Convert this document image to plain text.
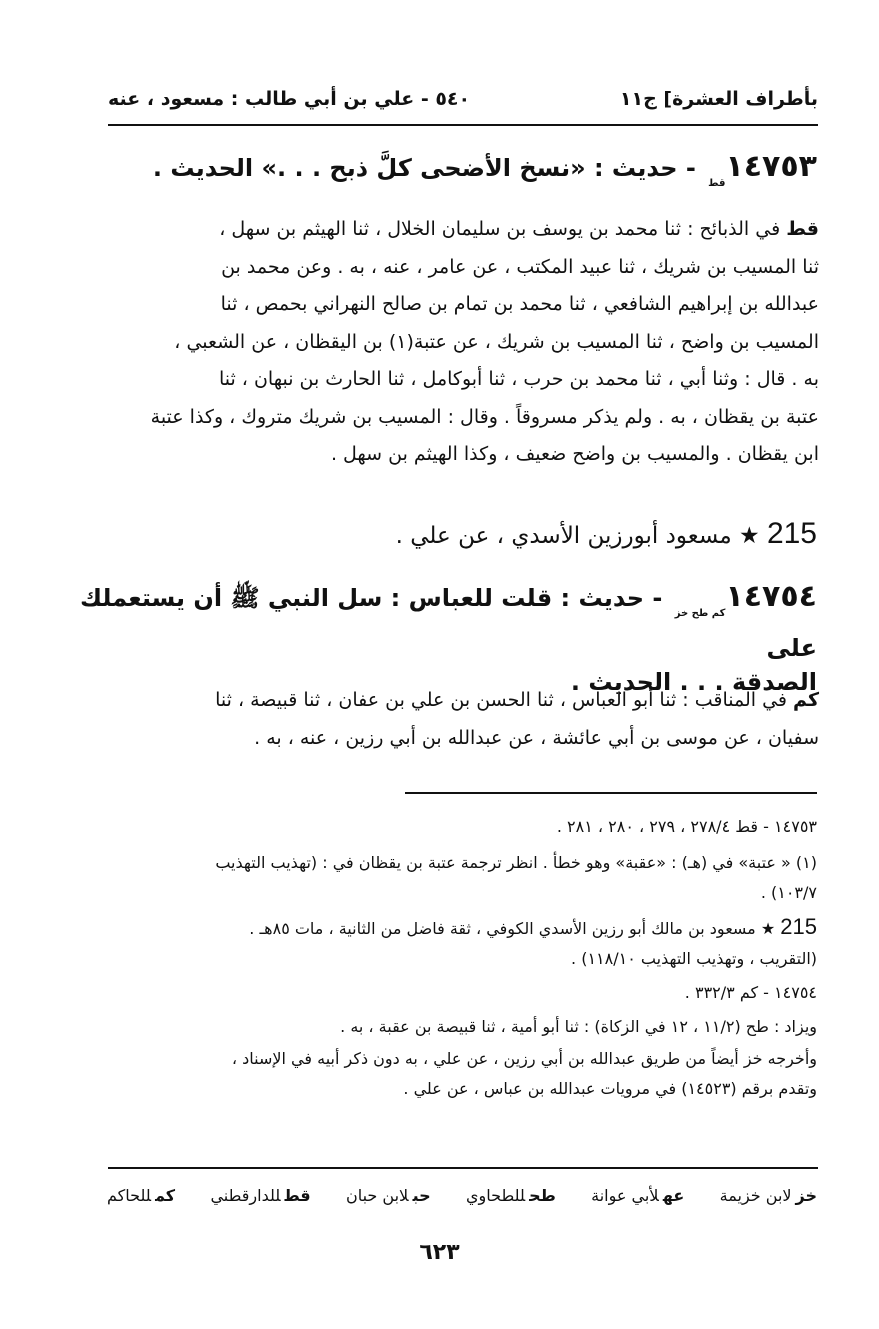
بأطراف العشرة] ج١١
٥٤٠ - علي بن أبي طالب : مسعود ، عنه
$١٤٧٥٣_{قط}$ - حديث : «نسخ الأضحى كلَّ ذبح . . .» الحديث .
قط في الذبائح : ثنا محمد بن يوسف بن سليمان الخلال ، ثنا الهيثم بن سهل ،
ثنا المسيب بن شريك ، ثنا عبيد المكتب ، عن عامر ، عنه ، به . وعن محمد بن
عبدالله بن إبراهيم الشافعي ، ثنا محمد بن تمام بن صالح النهراني بحمص ، ثنا
المسيب بن واضح ، ثنا المسيب بن شريك ، عن عتبة(١) بن اليقظان ، عن الشعبي ،
به . قال : وثنا أبي ، ثنا محمد بن حرب ، ثنا أبوكامل ، ثنا الحارث بن نبهان ، ثنا
عتبة بن يقظان ، به . ولم يذكر مسروقاً . وقال : المسيب بن شريك متروك ، وكذا عتبة
ابن يقظان . والمسيب بن واضح ضعيف ، وكذا الهيثم بن سهل .
215 ★ مسعود أبورزين الأسدي ، عن علي .
$١٤٧٥٤_{كم طح خز}$ - حديث : قلت للعباس : سل النبي ﷺ أن يستعملك على
الصدقة . . . الحديث .
كم في المناقب : ثنا أبو العباس ، ثنا الحسن بن علي بن عفان ، ثنا قبيصة ، ثنا
سفيان ، عن موسى بن أبي عائشة ، عن عبدالله بن أبي رزين ، عنه ، به .
١٤٧٥٣ - قط ٢٧٨/٤ ، ٢٧٩ ، ٢٨٠ ، ٢٨١ .
(١) « عتبة» في (هـ) : «عقبة» وهو خطأ . انظر ترجمة عتبة بن يقظان في : (تهذيب التهذيب
١٠٣/٧) .
215 ★ مسعود بن مالك أبو رزين الأسدي الكوفي ، ثقة فاضل من الثانية ، مات ٨٥هـ .
(التقريب ، وتهذيب التهذيب ١١٨/١٠) .
١٤٧٥٤ - كم ٣٣٢/٣ .
ويزاد : طح (١١/٢ ، ١٢ في الزكاة) : ثنا أبو أمية ، ثنا قبيصة بن عقبة ، به .
وأخرجه خز أيضاً من طريق عبدالله بن أبي رزين ، عن علي ، به دون ذكر أبيه في الإسناد ،
وتقدم برقم (١٤٥٢٣) في مرويات عبدالله بن عباس ، عن علي .
خزلابن خزيمة
عهلأبي عوانة
طحللطحاوي
حبلابن حبان
قطللدارقطني
كمللحاكم
٦٢٣
